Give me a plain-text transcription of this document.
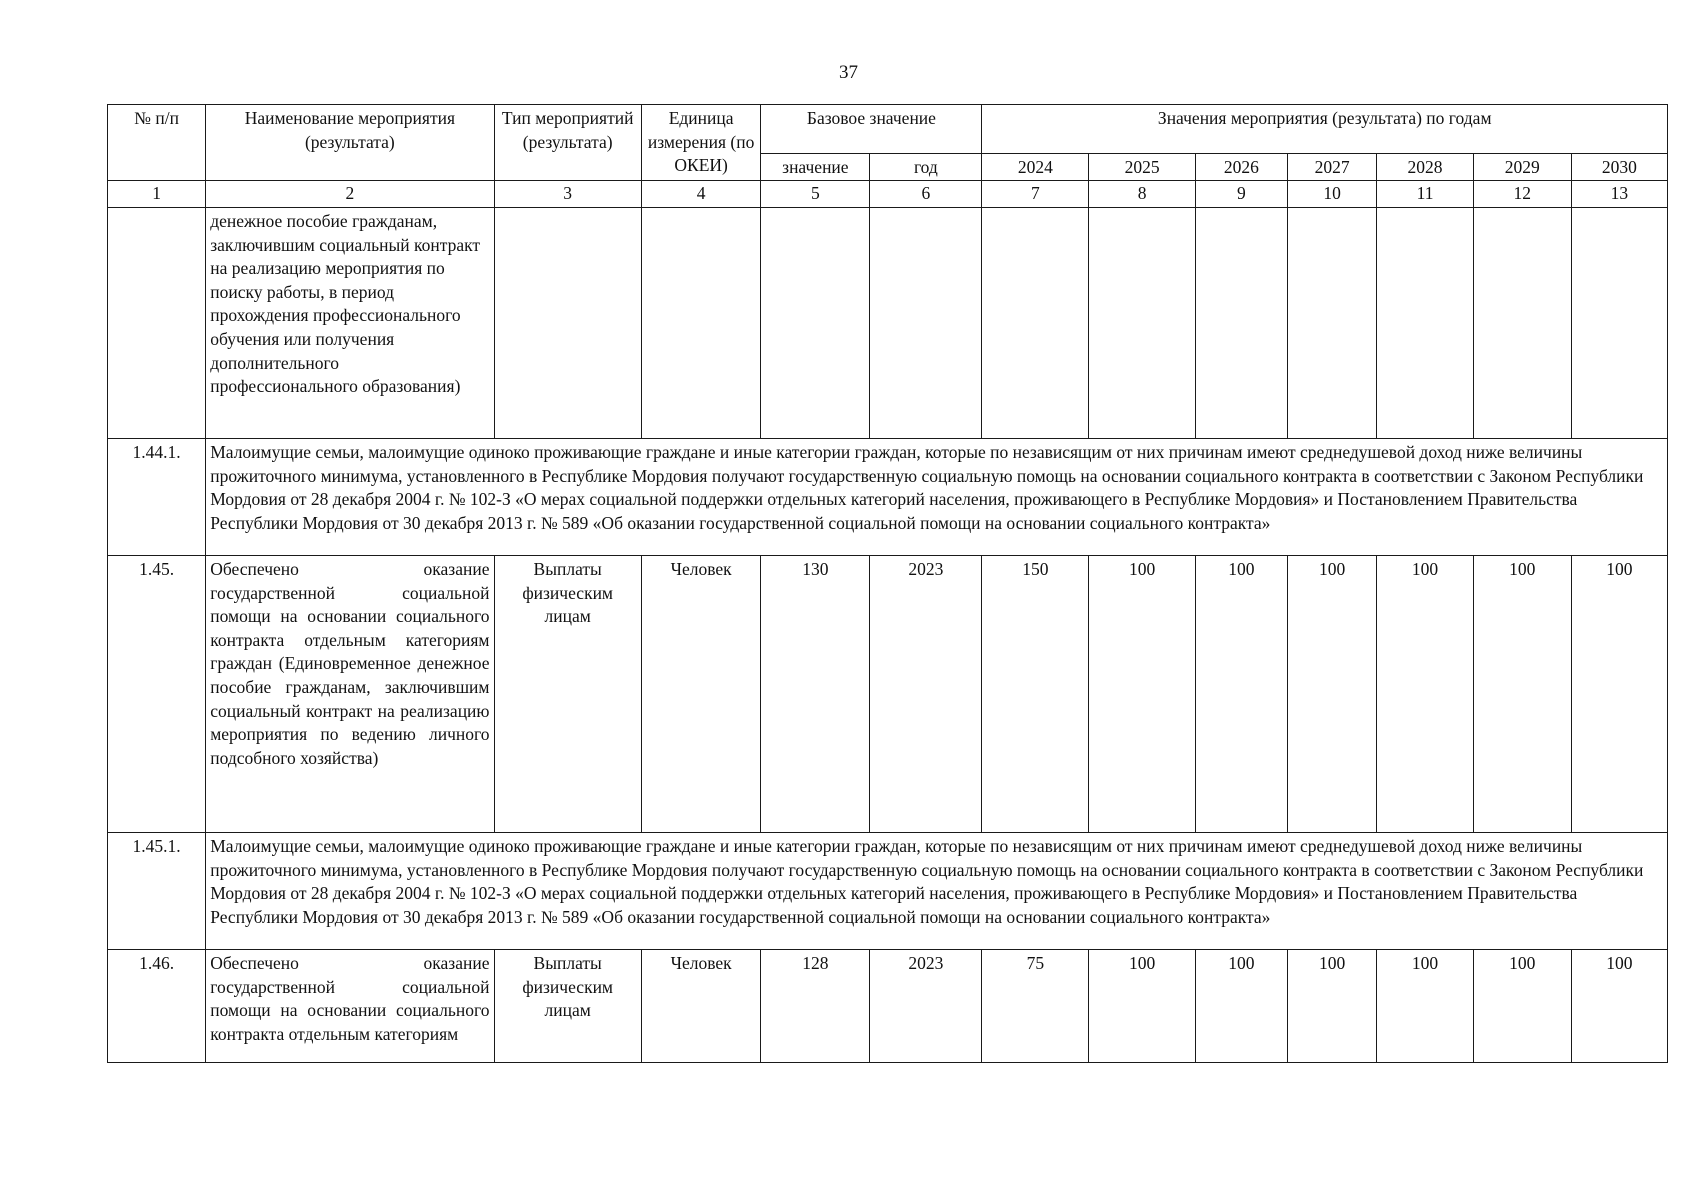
37
№ п/п	Наименование мероприятия (результата)	Тип мероприятий (результата)	Единица измерения (по ОКЕИ)	Базовое значение		Значения мероприятия (результата) по годам						
				значение	год	2024	2025	2026	2027	2028	2029	2030
1	2	3	4	5	6	7	8	9	10	11	12	13
	денежное пособие гражданам, заключившим социальный контракт на реализацию мероприятия по поиску работы, в период прохождения профессионального обучения или получения дополнительного профессионального образования)											
1.44.1.	Малоимущие семьи, малоимущие одиноко проживающие граждане и иные категории граждан, которые по независящим от них причинам имеют среднедушевой доход ниже величины прожиточного минимума, установленного в Республике Мордовия получают государственную социальную помощь на основании социального контракта в соответствии с Законом Республики Мордовия от 28 декабря 2004 г. № 102-З «О мерах социальной поддержки отдельных категорий населения, проживающего в Республике Мордовия» и Постановлением Правительства Республики Мордовия от 30 декабря 2013 г. № 589 «Об оказании государственной социальной помощи на основании социального контракта»											
1.45.	Обеспечено оказание государственной социальной помощи на основании социального контракта отдельным категориям граждан (Единовременное денежное пособие гражданам, заключившим социальный контракт на реализацию мероприятия по ведению личного подсобного хозяйства)	Выплаты физическим лицам	Человек	130	2023	150	100	100	100	100	100	100
1.45.1.	Малоимущие семьи, малоимущие одиноко проживающие граждане и иные категории граждан, которые по независящим от них причинам имеют среднедушевой доход ниже величины прожиточного минимума, установленного в Республике Мордовия получают государственную социальную помощь на основании социального контракта в соответствии с Законом Республики Мордовия от 28 декабря 2004 г. № 102-З «О мерах социальной поддержки отдельных категорий населения, проживающего в Республике Мордовия» и Постановлением Правительства Республики Мордовия от 30 декабря 2013 г. № 589 «Об оказании государственной социальной помощи на основании социального контракта»											
1.46.	Обеспечено оказание государственной социальной помощи на основании социального контракта отдельным категориям	Выплаты физическим лицам	Человек	128	2023	75	100	100	100	100	100	100
